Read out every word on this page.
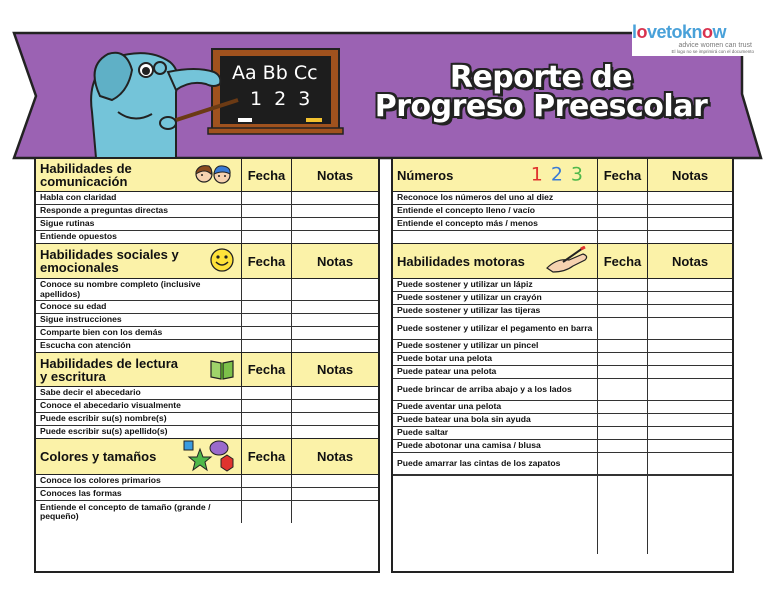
Aa Bb Cc
1 2 3
Reporte de
Progreso Preescolar
lovetoknow
advice women can trust
El logo no se imprimirá con el documento
Habilidades de comunicación	Fecha	Notas
Habla con claridad
Responde a preguntas directas
Sigue rutinas
Entiende opuestos
Habilidades sociales y emocionales	Fecha	Notas
Conoce su nombre completo (inclusive apellidos)
Conoce su edad
Sigue instrucciones
Comparte bien con los demás
Escucha con atención
Habilidades de lectura y escritura	Fecha	Notas
Sabe decir el abecedario
Conoce el abecedario visualmente
Puede escribir su(s) nombre(s)
Puede escribir su(s) apellido(s)
Colores y tamaños	Fecha	Notas
Conoce los colores primarios
Conoces las formas
Entiende el concepto de tamaño (grande / pequeño)
Números	1 2 3	Fecha	Notas
Reconoce los números del uno al diez
Entiende el concepto lleno / vacío
Entiende el concepto más / menos
Habilidades motoras	Fecha	Notas
Puede sostener y utilizar un lápiz
Puede sostener y utilizar un crayón
Puede sostener y utilizar las tijeras
Puede sostener y utilizar el pegamento en barra
Puede sostener y utilizar un pincel
Puede botar una pelota
Puede patear una pelota
Puede brincar de arriba abajo y a los lados
Puede aventar una pelota
Puede batear una bola sin ayuda
Puede saltar
Puede abotonar una camisa / blusa
Puede amarrar las cintas de los zapatos
